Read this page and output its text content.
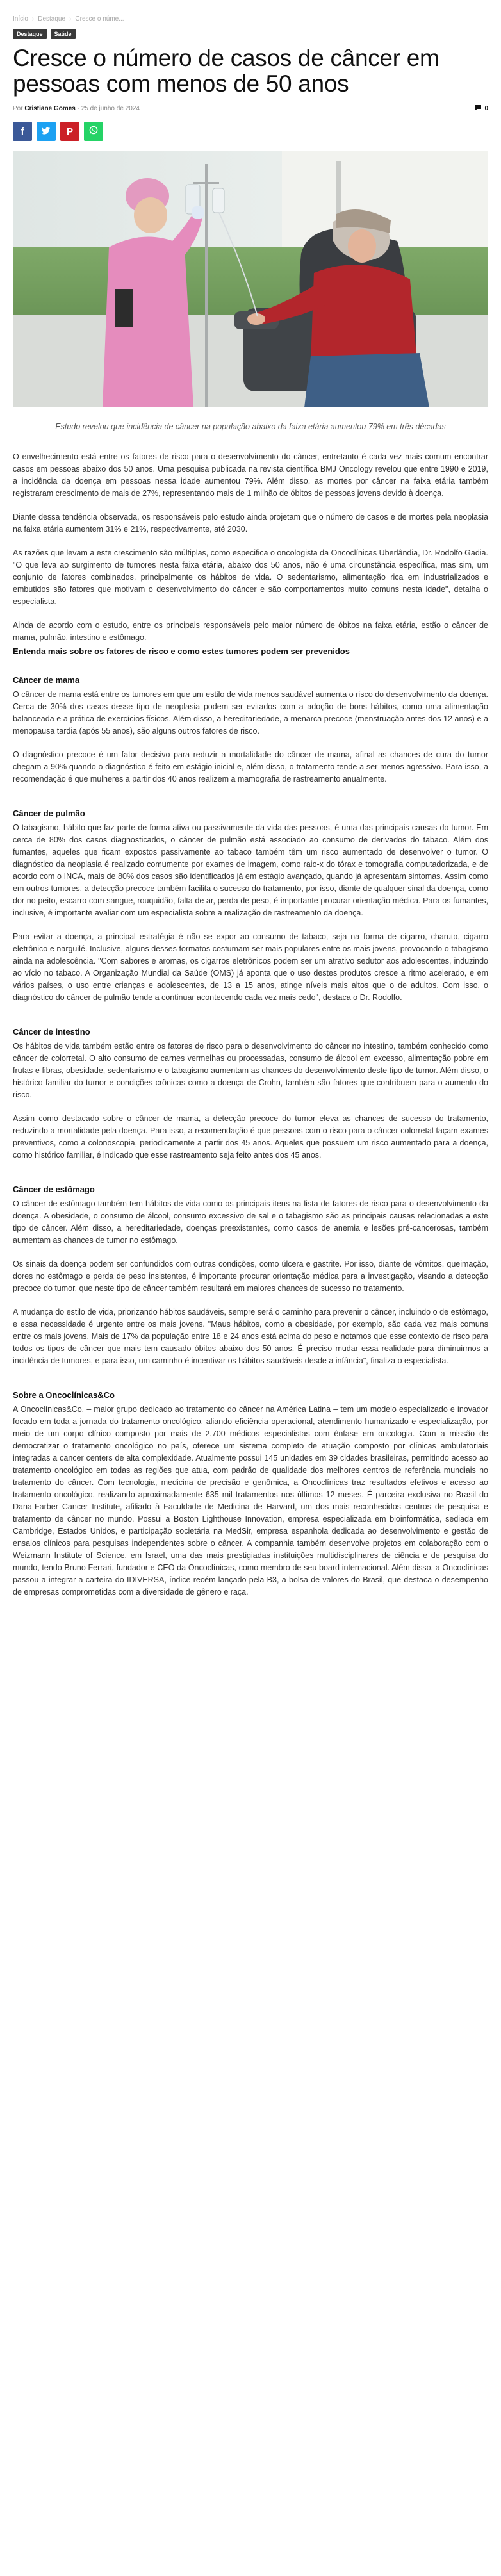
Início › Destaque › Cresce o núme...
Destaque	Saúde
Cresce o número de casos de câncer em pessoas com menos de 50 anos
Por Cristiane Gomes - 25 de junho de 2024	0
f	P

Estudo revelou que incidência de câncer na população abaixo da faixa etária aumentou 79% em três décadas

O envelhecimento está entre os fatores de risco para o desenvolvimento do câncer, entretanto é cada vez mais comum encontrar casos em pessoas abaixo dos 50 anos. Uma pesquisa publicada na revista científica BMJ Oncology revelou que entre 1990 e 2019, a incidência da doença em pessoas nessa idade aumentou 79%. Além disso, as mortes por câncer na faixa etária também registraram crescimento de mais de 27%, representando mais de 1 milhão de óbitos de pessoas jovens devido à doença.

Diante dessa tendência observada, os responsáveis pelo estudo ainda projetam que o número de casos e de mortes pela neoplasia na faixa etária aumentem 31% e 21%, respectivamente, até 2030.

As razões que levam a este crescimento são múltiplas, como especifica o oncologista da Oncoclínicas Uberlândia, Dr. Rodolfo Gadia. "O que leva ao surgimento de tumores nesta faixa etária, abaixo dos 50 anos, não é uma circunstância específica, mas sim, um conjunto de fatores combinados, principalmente os hábitos de vida. O sedentarismo, alimentação rica em industrializados e embutidos são fatores que motivam o desenvolvimento do câncer e são comportamentos muito comuns nesta idade", detalha o especialista.

Ainda de acordo com o estudo, entre os principais responsáveis pelo maior número de óbitos na faixa etária, estão o câncer de mama, pulmão, intestino e estômago.

Entenda mais sobre os fatores de risco e como estes tumores podem ser prevenidos

Câncer de mama

O câncer de mama está entre os tumores em que um estilo de vida menos saudável aumenta o risco do desenvolvimento da doença. Cerca de 30% dos casos desse tipo de neoplasia podem ser evitados com a adoção de bons hábitos, como uma alimentação balanceada e a prática de exercícios físicos. Além disso, a hereditariedade, a menarca precoce (menstruação antes dos 12 anos) e a menopausa tardia (após 55 anos), são alguns outros fatores de risco.

O diagnóstico precoce é um fator decisivo para reduzir a mortalidade do câncer de mama, afinal as chances de cura do tumor chegam a 90% quando o diagnóstico é feito em estágio inicial e, além disso, o tratamento tende a ser menos agressivo. Para isso, a recomendação é que mulheres a partir dos 40 anos realizem a mamografia de rastreamento anualmente.

Câncer de pulmão

O tabagismo, hábito que faz parte de forma ativa ou passivamente da vida das pessoas, é uma das principais causas do tumor. Em cerca de 80% dos casos diagnosticados, o câncer de pulmão está associado ao consumo de derivados do tabaco. Além dos fumantes, aqueles que ficam expostos passivamente ao tabaco também têm um risco aumentado de desenvolver o tumor. O diagnóstico da neoplasia é realizado comumente por exames de imagem, como raio-x do tórax e tomografia computadorizada, e de acordo com o INCA, mais de 80% dos casos são identificados já em estágio avançado, quando já apresentam sintomas. Assim como em outros tumores, a detecção precoce também facilita o sucesso do tratamento, por isso, diante de qualquer sinal da doença, como dor no peito, escarro com sangue, rouquidão, falta de ar, perda de peso, é importante procurar orientação médica. Para os fumantes, inclusive, é importante avaliar com um especialista sobre a realização de rastreamento da doença.

Para evitar a doença, a principal estratégia é não se expor ao consumo de tabaco, seja na forma de cigarro, charuto, cigarro eletrônico e narguilé. Inclusive, alguns desses formatos costumam ser mais populares entre os mais jovens, provocando o tabagismo ainda na adolescência. "Com sabores e aromas, os cigarros eletrônicos podem ser um atrativo sedutor aos adolescentes, induzindo ao vício no tabaco. A Organização Mundial da Saúde (OMS) já aponta que o uso destes produtos cresce a ritmo acelerado, e em vários países, o uso entre crianças e adolescentes, de 13 a 15 anos, atinge níveis mais altos que o de adultos. Com isso, o diagnóstico do câncer de pulmão tende a continuar acontecendo cada vez mais cedo", destaca o Dr. Rodolfo.

Câncer de intestino

Os hábitos de vida também estão entre os fatores de risco para o desenvolvimento do câncer no intestino, também conhecido como câncer de colorretal. O alto consumo de carnes vermelhas ou processadas, consumo de álcool em excesso, alimentação pobre em frutas e fibras, obesidade, sedentarismo e o tabagismo aumentam as chances do desenvolvimento deste tipo de tumor. Além disso, o histórico familiar do tumor e condições crônicas como a doença de Crohn, também são fatores que contribuem para o aumento do risco.

Assim como destacado sobre o câncer de mama, a detecção precoce do tumor eleva as chances de sucesso do tratamento, reduzindo a mortalidade pela doença. Para isso, a recomendação é que pessoas com o risco para o câncer colorretal façam exames preventivos, como a colonoscopia, periodicamente a partir dos 45 anos. Aqueles que possuem um risco aumentado para a doença, como histórico familiar, é indicado que esse rastreamento seja feito antes dos 45 anos.

Câncer de estômago

O câncer de estômago também tem hábitos de vida como os principais itens na lista de fatores de risco para o desenvolvimento da doença. A obesidade, o consumo de álcool, consumo excessivo de sal e o tabagismo são as principais causas relacionadas a este tipo de câncer. Além disso, a hereditariedade, doenças preexistentes, como casos de anemia e lesões pré-cancerosas, também aumentam as chances de tumor no estômago.

Os sinais da doença podem ser confundidos com outras condições, como úlcera e gastrite. Por isso, diante de vômitos, queimação, dores no estômago e perda de peso insistentes, é importante procurar orientação médica para a investigação, visando a detecção precoce do tumor, que neste tipo de câncer também resultará em maiores chances de sucesso no tratamento.

A mudança do estilo de vida, priorizando hábitos saudáveis, sempre será o caminho para prevenir o câncer, incluindo o de estômago, e essa necessidade é urgente entre os mais jovens. "Maus hábitos, como a obesidade, por exemplo, são cada vez mais comuns entre os mais jovens. Mais de 17% da população entre 18 e 24 anos está acima do peso e notamos que esse contexto de risco para todos os tipos de câncer que mais tem causado óbitos abaixo dos 50 anos. É preciso mudar essa realidade para diminuirmos a incidência de tumores, e para isso, um caminho é incentivar os hábitos saudáveis desde a infância", finaliza o especialista.

Sobre a Oncoclínicas&Co

A Oncoclínicas&Co. – maior grupo dedicado ao tratamento do câncer na América Latina – tem um modelo especializado e inovador focado em toda a jornada do tratamento oncológico, aliando eficiência operacional, atendimento humanizado e especialização, por meio de um corpo clínico composto por mais de 2.700 médicos especialistas com ênfase em oncologia. Com a missão de democratizar o tratamento oncológico no país, oferece um sistema completo de atuação composto por clínicas ambulatoriais integradas a cancer centers de alta complexidade. Atualmente possui 145 unidades em 39 cidades brasileiras, permitindo acesso ao tratamento oncológico em todas as regiões que atua, com padrão de qualidade dos melhores centros de referência mundiais no tratamento do câncer. Com tecnologia, medicina de precisão e genômica, a Oncoclínicas traz resultados efetivos e acesso ao tratamento oncológico, realizando aproximadamente 635 mil tratamentos nos últimos 12 meses. É parceira exclusiva no Brasil do Dana-Farber Cancer Institute, afiliado à Faculdade de Medicina de Harvard, um dos mais reconhecidos centros de pesquisa e tratamento de câncer no mundo. Possui a Boston Lighthouse Innovation, empresa especializada em bioinformática, sediada em Cambridge, Estados Unidos, e participação societária na MedSir, empresa espanhola dedicada ao desenvolvimento e gestão de ensaios clínicos para pesquisas independentes sobre o câncer. A companhia também desenvolve projetos em colaboração com o Weizmann Institute of Science, em Israel, uma das mais prestigiadas instituições multidisciplinares de ciência e de pesquisa do mundo, tendo Bruno Ferrari, fundador e CEO da Oncoclínicas, como membro de seu board internacional. Além disso, a Oncoclínicas passou a integrar a carteira do IDIVERSA, índice recém-lançado pela B3, a bolsa de valores do Brasil, que destaca o desempenho de empresas comprometidas com a diversidade de gênero e raça.
